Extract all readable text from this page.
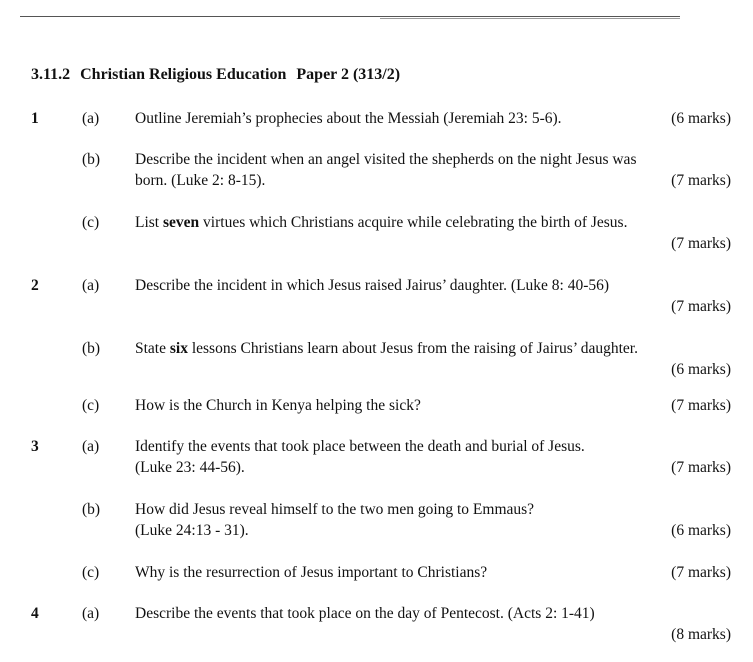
3.11.2 Christian Religious Education Paper 2 (313/2)
1	(a) Outline Jeremiah’s prophecies about the Messiah (Jeremiah 23: 5-6).	(6 marks)
(b) Describe the incident when an angel visited the shepherds on the night Jesus was
born. (Luke 2: 8-15).	(7 marks)
(c) List seven virtues which Christians acquire while celebrating the birth of Jesus.
(7 marks)
2	(a) Describe the incident in which Jesus raised Jairus’ daughter. (Luke 8: 40-56)
(7 marks)
(b) State six lessons Christians learn about Jesus from the raising of Jairus’ daughter.
(6 marks)
(c) How is the Church in Kenya helping the sick?	(7 marks)
3	(a) Identify the events that took place between the death and burial of Jesus.
(Luke 23: 44-56).	(7 marks)
(b) How did Jesus reveal himself to the two men going to Emmaus?
(Luke 24:13 - 31).	(6 marks)
(c) Why is the resurrection of Jesus important to Christians?	(7 marks)
4	(a) Describe the events that took place on the day of Pentecost. (Acts 2: 1-41)
(8 marks)
